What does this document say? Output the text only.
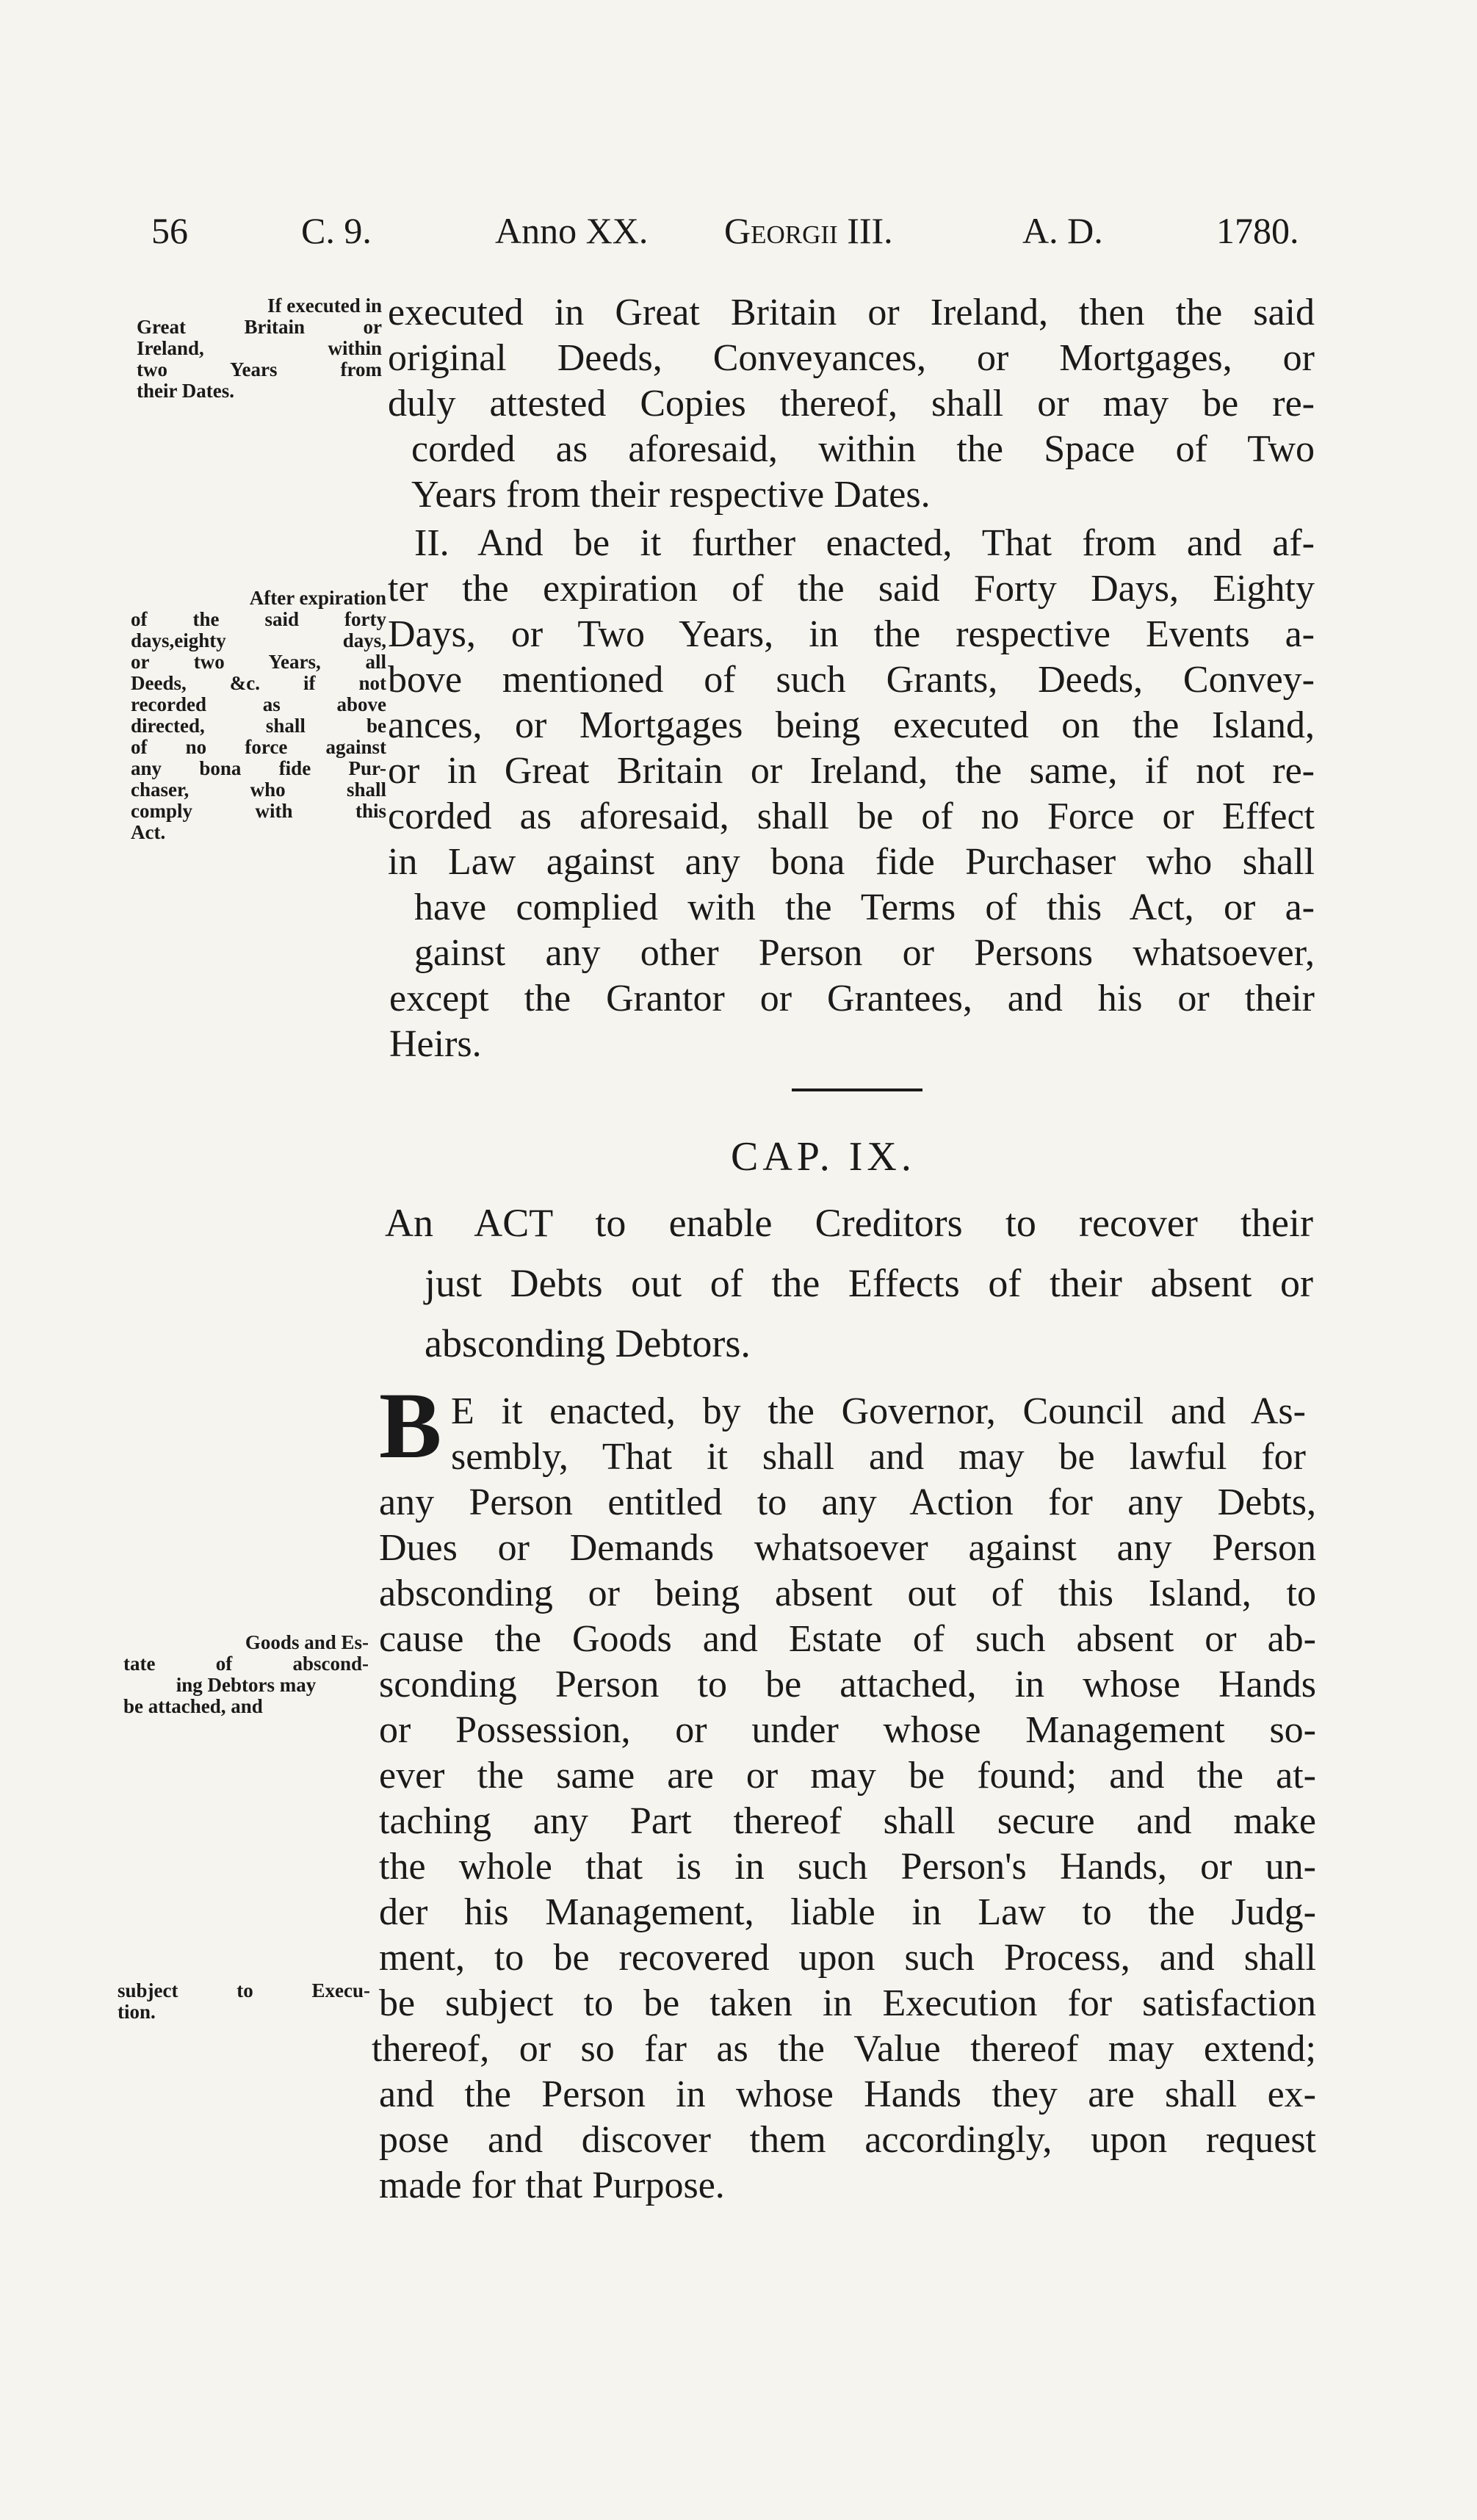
56	C. 9.	Anno XX. Georgii III.	A. D.	1780.
If executed in
Great Britain or
Ireland, within
two Years from
their Dates.
executed in Great Britain or Ireland, then the said
original Deeds, Conveyances, or Mortgages, or
duly attested Copies thereof, shall or may be re-
corded as aforesaid, within the Space of Two
Years from their respective Dates.
After expiration
of the said forty
days,eighty days,
or two Years, all
Deeds, &c. if not
recorded as above
directed, shall be
of no force against
any bona fide Pur-
chaser, who shall
comply with this
Act.
II. And be it further enacted, That from and af-
ter the expiration of the said Forty Days, Eighty
Days, or Two Years, in the respective Events a-
bove mentioned of such Grants, Deeds, Convey-
ances, or Mortgages being executed on the Island,
or in Great Britain or Ireland, the same, if not re-
corded as aforesaid, shall be of no Force or Effect
in Law against any bona fide Purchaser who shall
have complied with the Terms of this Act, or a-
gainst any other Person or Persons whatsoever,
except the Grantor or Grantees, and his or their
Heirs.
CAP. IX.
An ACT to enable Creditors to recover their
just Debts out of the Effects of their absent or
absconding Debtors.
B
Goods and Es-
tate of abscond-
ing Debtors may
be attached, and
subject to Execu-
tion.
E it enacted, by the Governor, Council and As-
sembly, That it shall and may be lawful for
any Person entitled to any Action for any Debts,
Dues or Demands whatsoever against any Person
absconding or being absent out of this Island, to
cause the Goods and Estate of such absent or ab-
sconding Person to be attached, in whose Hands
or Possession, or under whose Management so-
ever the same are or may be found; and the at-
taching any Part thereof shall secure and make
the whole that is in such Person's Hands, or un-
der his Management, liable in Law to the Judg-
ment, to be recovered upon such Process, and shall
be subject to be taken in Execution for satisfaction
thereof, or so far as the Value thereof may extend;
and the Person in whose Hands they are shall ex-
pose and discover them accordingly, upon request
made for that Purpose.
